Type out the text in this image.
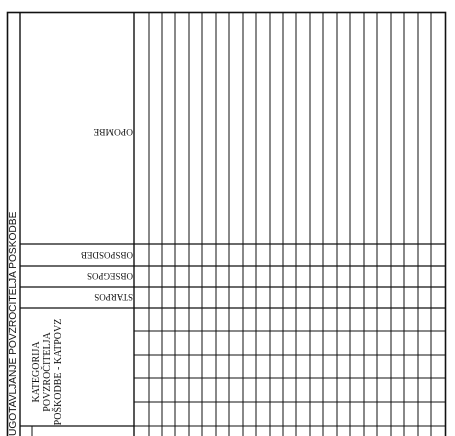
UGOTAVLJANJE POVZROČITELJA POŠKODBE KATEGORIJA POVZROČITELJA POŠKODBE - KATPOVZ
OPOMBE
OBSPOSDEB
OBSEGPOS
STARPOS
